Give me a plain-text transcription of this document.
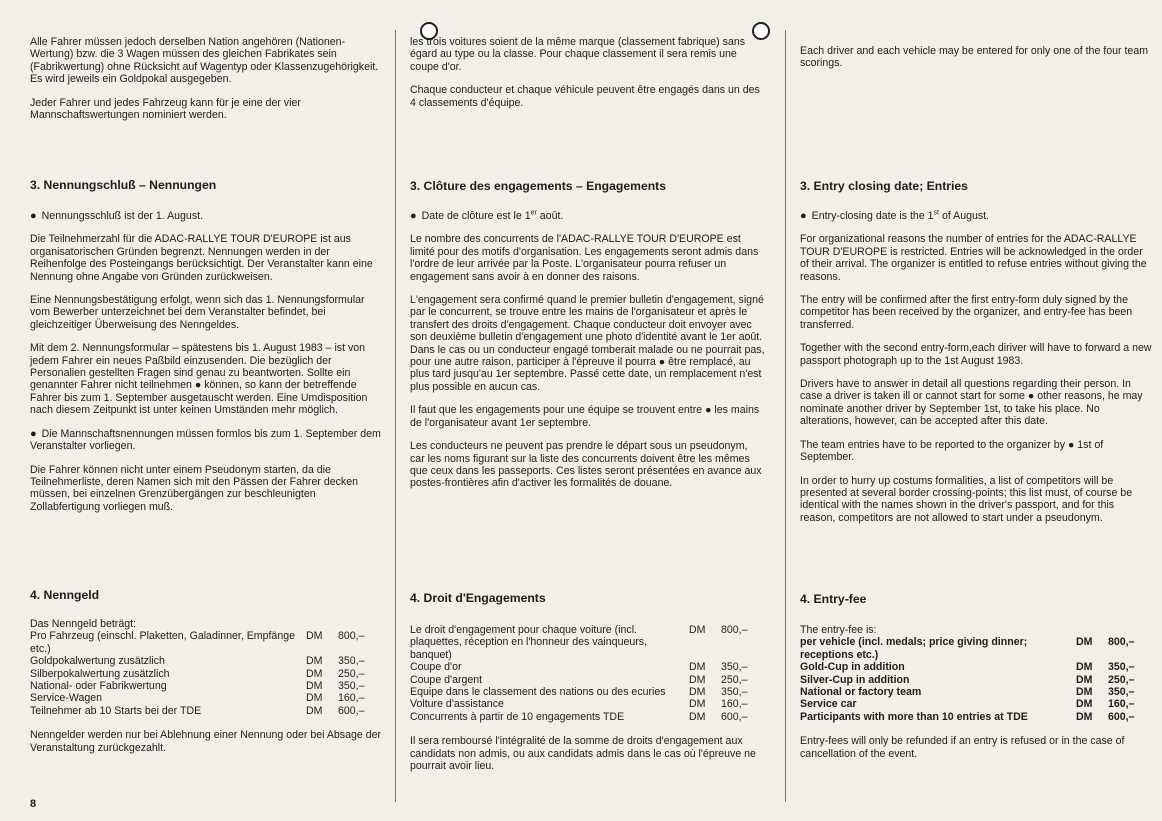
Alle Fahrer müssen jedoch derselben Nation angehören (Nationen-Wertung) bzw. die 3 Wagen müssen des gleichen Fabrikates sein (Fabrikwertung) ohne Rücksicht auf Wagentyp oder Klassenzugehörigkeit. Es wird jeweils ein Goldpokal ausgegeben.

Jeder Fahrer und jedes Fahrzeug kann für je eine der vier Mannschaftswertungen nominiert werden.

3. Nennungschluß – Nennungen

● Nennungsschluß ist der 1. August.

Die Teilnehmerzahl für die ADAC-RALLYE TOUR D'EUROPE ist aus organisatorischen Gründen begrenzt. Nennungen werden in der Reihenfolge des Posteingangs berücksichtigt. Der Veranstalter kann eine Nennung ohne Angabe von Gründen zurückweisen.

Eine Nennungsbestätigung erfolgt, wenn sich das 1. Nennungsformular vom Bewerber unterzeichnet bei dem Veranstalter befindet, bei gleichzeitiger Überweisung des Nenngeldes.

Mit dem 2. Nennungsformular – spätestens bis 1. August 1983 – ist von jedem Fahrer ein neues Paßbild einzusenden. Die bezüglich der Personalien gestellten Fragen sind genau zu beantworten. Sollte ein genannter Fahrer nicht teilnehmen ● können, so kann der betreffende Fahrer bis zum 1. September ausgetauscht werden. Eine Umdisposition nach diesem Zeitpunkt ist unter keinen Umständen mehr möglich.

● Die Mannschaftsnennungen müssen formlos bis zum 1. September dem Veranstalter vorliegen.

Die Fahrer können nicht unter einem Pseudonym starten, da die Teilnehmerliste, deren Namen sich mit den Pässen der Fahrer decken müssen, bei einzelnen Grenzübergängen zur beschleunigten Zollabfertigung vorliegen muß.

4. Nenngeld
Das Nenngeld beträgt:
Pro Fahrzeug (einschl. Plaketten, Galadinner, Empfänge etc.)	DM	800,–
Goldpokalwertung zusätzlich	DM	350,–
Silberpokalwertung zusätzlich	DM	250,–
National- oder Fabrikwertung	DM	350,–
Service-Wagen	DM	160,–
Teilnehmer ab 10 Starts bei der TDE	DM	600,–

Nenngelder werden nur bei Ablehnung einer Nennung oder bei Absage der Veranstaltung zurückgezahlt.

les trois voitures soient de la même marque (classement fabrique) sans égard au type ou la classe. Pour chaque classement il sera remis une coupe d'or.

Chaque conducteur et chaque véhicule peuvent être engagés dans un des 4 classements d'équipe.

3. Clôture des engagements – Engagements

● Date de clôture est le 1er août.

Le nombre des concurrents de l'ADAC-RALLYE TOUR D'EUROPE est limité pour des motifs d'organisation. Les engagements seront admis dans l'ordre de leur arrivée par la Poste. L'organisateur pourra refuser un engagement sans avoir à en donner des raisons.

L'engagement sera confirmé quand le premier bulletin d'engagement, signé par le concurrent, se trouve entre les mains de l'organisateur et après le transfert des droits d'engagement. Chaque conducteur doit envoyer avec son deuxième bulletin d'engagement une photo d'identité avant le 1er août. Dans le cas ou un conducteur engagé tomberait malade ou ne pourrait pas, pour une autre raison, participer à l'épreuve il pourra ● être remplacé, au plus tard jusqu'au 1er septembre. Passé cette date, un remplacement n'est plus possible en aucun cas.

Il faut que les engagements pour une équipe se trouvent entre ● les mains de l'organisateur avant 1er septembre.

Les conducteurs ne peuvent pas prendre le départ sous un pseudonym, car les noms figurant sur la liste des concurrents doivent être les mêmes que ceux dans les passeports. Ces listes seront présentées en avance aux postes-frontières afin d'activer les formalités de douane.

4. Droit d'Engagements
Le droit d'engagement pour chaque voiture (incl. plaquettes, réception en l'honneur des vainqueurs, banquet)	DM	800,–
Coupe d'or	DM	350,–
Coupe d'argent	DM	250,–
Equipe dans le classement des nations ou des ecuries	DM	350,–
Volture d'assistance	DM	160,–
Concurrents à partir de 10 engagements TDE	DM	600,–

Il sera remboursé l'intégralité de la somme de droits d'engagement aux candidats non admis, ou aux candidats admis dans le cas où l'épreuve ne pourrait avoir lieu.

Each driver and each vehicle may be entered for only one of the four team scorings.

3. Entry closing date; Entries

● Entry-closing date is the 1st of August.

For organizational reasons the number of entries for the ADAC-RALLYE TOUR D'EUROPE is restricted. Entries will be acknowledged in the order of their arrival. The organizer is entitled to refuse entries without giving the reasons.

The entry will be confirmed after the first entry-form duly signed by the competitor has been received by the organizer, and entry-fee has been transferred.

Together with the second entry-form,each diriver will have to forward a new passport photograph up to the 1st August 1983.

Drivers have to answer in detail all questions regarding their person. In case a driver is taken ill or cannot start for some ● other reasons, he may nominate another driver by September 1st, to take his place. No alterations, however, can be accepted after this date.

The team entries have to be reported to the organizer by ● 1st of September.

In order to hurry up costums formalities, a list of competitors will be presented at several border crossing-points; this list must, of course be identical with the names shown in the driver's passport, and for this reason, competitors are not allowed to start under a pseudonym.

4. Entry-fee
The entry-fee is:
per vehicle (incl. medals; price giving dinner; receptions etc.)	DM	800,–
Gold-Cup in addition	DM	350,–
Silver-Cup in addition	DM	250,–
National or factory team	DM	350,–
Service car	DM	160,–
Participants with more than 10 entries at TDE	DM	600,–

Entry-fees will only be refunded if an entry is refused or in the case of cancellation of the event.

8
